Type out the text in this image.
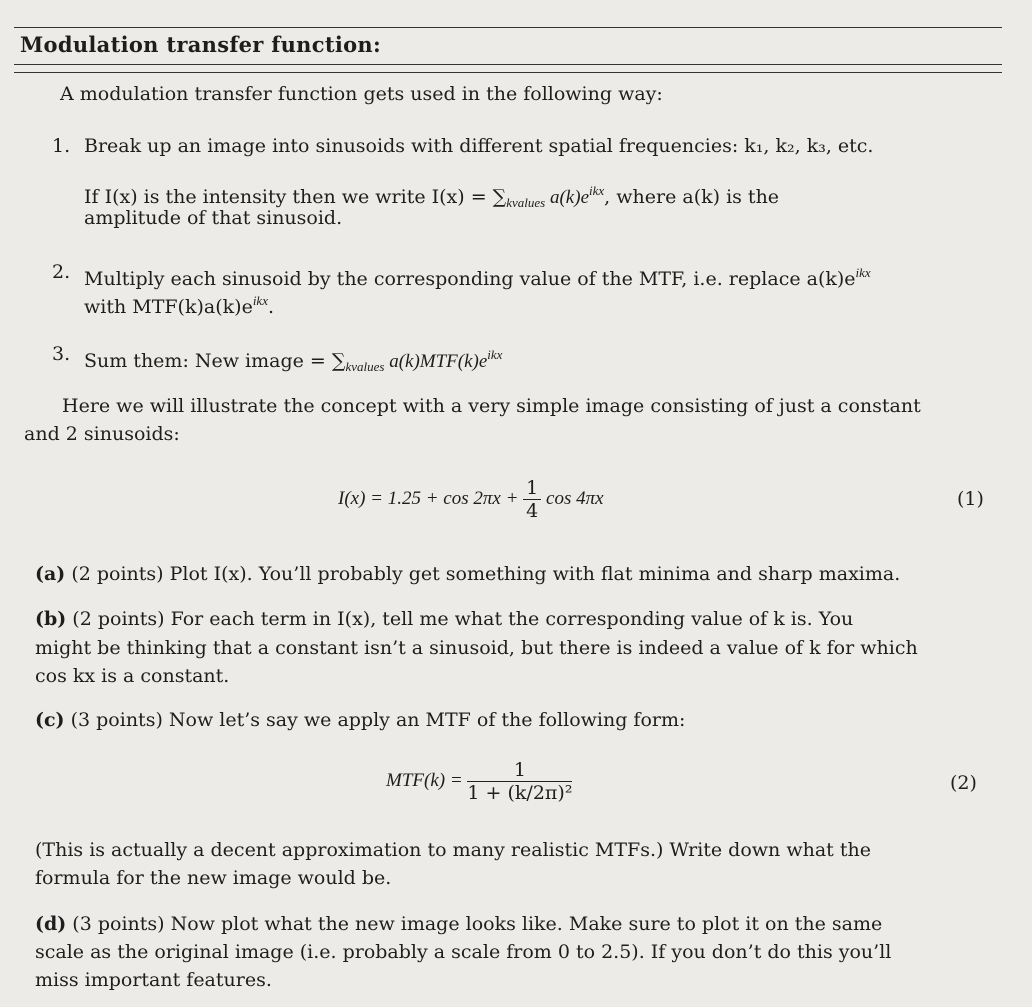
Modulation transfer function:
A modulation transfer function gets used in the following way:
1. Break up an image into sinusoids with different spatial frequencies: k₁, k₂, k₃, etc.
If I(x) is the intensity then we write $I(x) = \sum_{kvalues}$ $a(k)e^{ikx}$, where a(k) is the
amplitude of that sinusoid.
2. Multiply each sinusoid by the corresponding value of the MTF, i.e. replace $a(k)e^{ikx}$
with $MTF(k)a(k)e^{ikx}$.
3. Sum them: New image = $\sum_{kvalues}$ $a(k)MTF(k)e^{ikx}$
Here we will illustrate the concept with a very simple image consisting of just a constant
and 2 sinusoids:
$I(x) = 1.25 + \cos 2\pi x + \frac{1}{4}$ cos 4πx	(1)
(a) (2 points) Plot I(x). You’ll probably get something with flat minima and sharp maxima.
(b) (2 points) For each term in I(x), tell me what the corresponding value of k is. You
might be thinking that a constant isn’t a sinusoid, but there is indeed a value of k for which
cos kx is a constant.
(c) (3 points) Now let’s say we apply an MTF of the following form:
$MTF(k) = \frac{1}{\text{1 + (k/2π)²}}$	(2)
(This is actually a decent approximation to many realistic MTFs.) Write down what the
formula for the new image would be.
(d) (3 points) Now plot what the new image looks like. Make sure to plot it on the same
scale as the original image (i.e. probably a scale from 0 to 2.5). If you don’t do this you’ll
miss important features.
